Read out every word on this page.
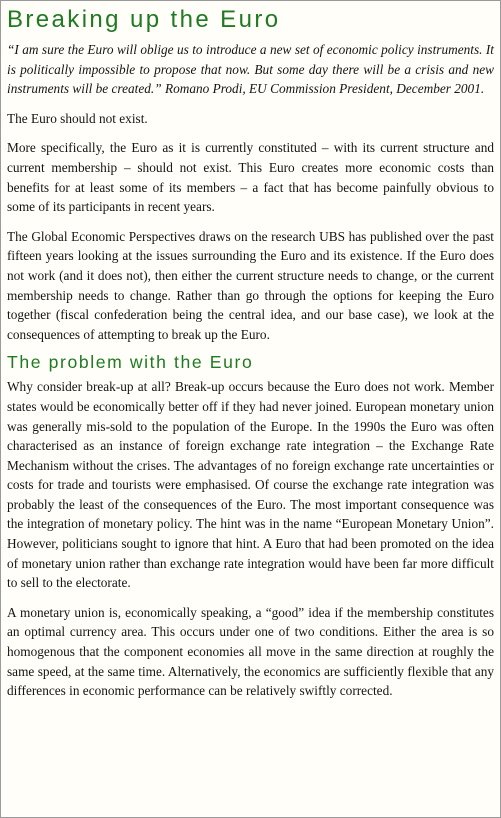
Breaking up the Euro

“I am sure the Euro will oblige us to introduce a new set of economic policy instruments. It is politically impossible to propose that now. But some day there will be a crisis and new instruments will be created.” Romano Prodi, EU Commission President, December 2001.

The Euro should not exist.

More specifically, the Euro as it is currently constituted – with its current structure and current membership – should not exist. This Euro creates more economic costs than benefits for at least some of its members – a fact that has become painfully obvious to some of its participants in recent years.

The Global Economic Perspectives draws on the research UBS has published over the past fifteen years looking at the issues surrounding the Euro and its existence. If the Euro does not work (and it does not), then either the current structure needs to change, or the current membership needs to change. Rather than go through the options for keeping the Euro together (fiscal confederation being the central idea, and our base case), we look at the consequences of attempting to break up the Euro.

The problem with the Euro

Why consider break-up at all? Break-up occurs because the Euro does not work. Member states would be economically better off if they had never joined. European monetary union was generally mis-sold to the population of the Europe. In the 1990s the Euro was often characterised as an instance of foreign exchange rate integration – the Exchange Rate Mechanism without the crises. The advantages of no foreign exchange rate uncertainties or costs for trade and tourists were emphasised. Of course the exchange rate integration was probably the least of the consequences of the Euro. The most important consequence was the integration of monetary policy. The hint was in the name “European Monetary Union”. However, politicians sought to ignore that hint. A Euro that had been promoted on the idea of monetary union rather than exchange rate integration would have been far more difficult to sell to the electorate.

A monetary union is, economically speaking, a “good” idea if the membership constitutes an optimal currency area. This occurs under one of two conditions. Either the area is so homogenous that the component economies all move in the same direction at roughly the same speed, at the same time. Alternatively, the economics are sufficiently flexible that any differences in economic performance can be relatively swiftly corrected.
